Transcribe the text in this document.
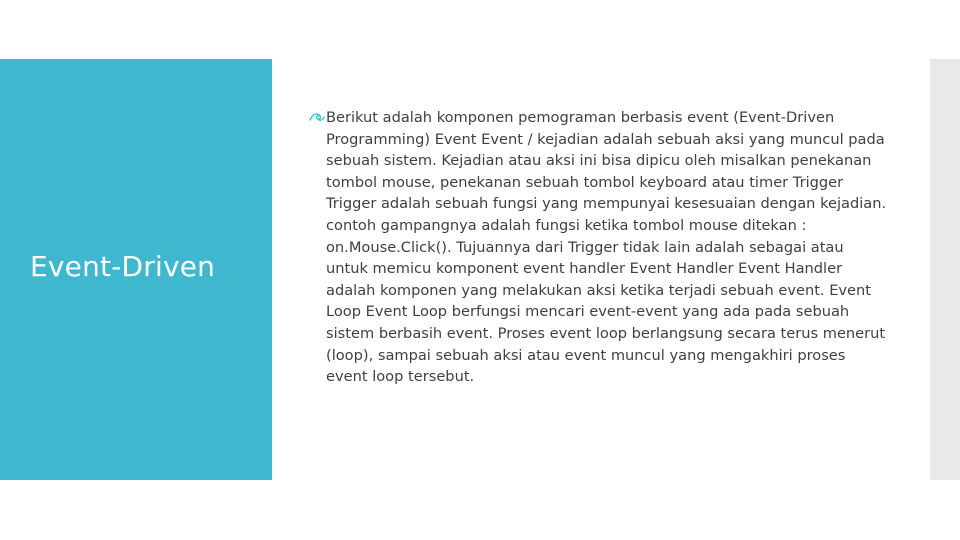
Event-Driven

Berikut adalah komponen pemograman berbasis event (Event-Driven Programming) Event Event / kejadian adalah sebuah aksi yang muncul pada sebuah sistem. Kejadian atau aksi ini bisa dipicu oleh misalkan penekanan tombol mouse, penekanan sebuah tombol keyboard atau timer Trigger Trigger adalah sebuah fungsi yang mempunyai kesesuaian dengan kejadian. contoh gampangnya adalah fungsi ketika tombol mouse ditekan : on.Mouse.Click(). Tujuannya dari Trigger tidak lain adalah sebagai atau untuk memicu komponent event handler Event Handler Event Handler adalah komponen yang melakukan aksi ketika terjadi sebuah event. Event Loop Event Loop berfungsi mencari event-event yang ada pada sebuah sistem berbasih event. Proses event loop berlangsung secara terus menerut (loop), sampai sebuah aksi atau event muncul yang mengakhiri proses event loop tersebut.
